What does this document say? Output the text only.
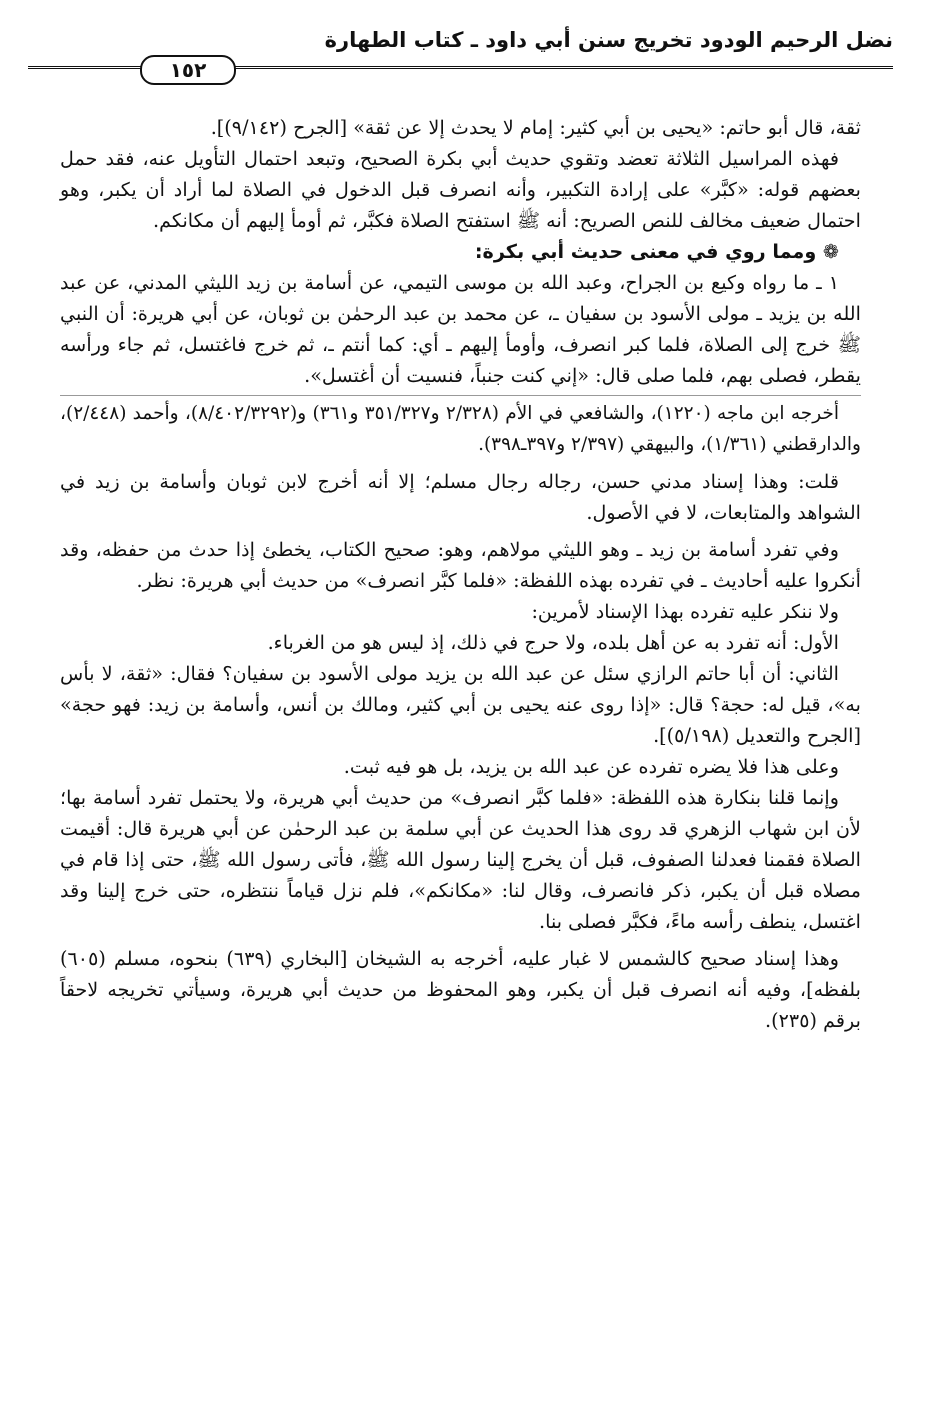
نضل الرحيم الودود تخريج سنن أبي داود ـ كتاب الطهارة
١٥٢

ثقة، قال أبو حاتم: «يحيى بن أبي كثير: إمام لا يحدث إلا عن ثقة» [الجرح (٩/١٤٢)].

فهذه المراسيل الثلاثة تعضد وتقوي حديث أبي بكرة الصحيح، وتبعد احتمال التأويل عنه، فقد حمل بعضهم قوله: «كبَّر» على إرادة التكبير، وأنه انصرف قبل الدخول في الصلاة لما أراد أن يكبر، وهو احتمال ضعيف مخالف للنص الصريح: أنه ﷺ استفتح الصلاة فكبَّر، ثم أومأ إليهم أن مكانكم.

❁ ومما روي في معنى حديث أبي بكرة:

١ ـ ما رواه وكيع بن الجراح، وعبد الله بن موسى التيمي، عن أسامة بن زيد الليثي المدني، عن عبد الله بن يزيد ـ مولى الأسود بن سفيان ـ، عن محمد بن عبد الرحمٰن بن ثوبان، عن أبي هريرة: أن النبي ﷺ خرج إلى الصلاة، فلما كبر انصرف، وأومأ إليهم ـ أي: كما أنتم ـ، ثم خرج فاغتسل، ثم جاء ورأسه يقطر، فصلى بهم، فلما صلى قال: «إني كنت جنباً، فنسيت أن أغتسل».

أخرجه ابن ماجه (١٢٢٠)، والشافعي في الأم (٢/٣٢٨ و٣٥١/٣٢٧ و٣٦١) و(٨/٤٠٢/٣٢٩٢)، وأحمد (٢/٤٤٨)، والدارقطني (١/٣٦١)، والبيهقي (٢/٣٩٧ و٣٩٧ـ٣٩٨).

قلت: وهذا إسناد مدني حسن، رجاله رجال مسلم؛ إلا أنه أخرج لابن ثوبان وأسامة بن زيد في الشواهد والمتابعات، لا في الأصول.

وفي تفرد أسامة بن زيد ـ وهو الليثي مولاهم، وهو: صحيح الكتاب، يخطئ إذا حدث من حفظه، وقد أنكروا عليه أحاديث ـ في تفرده بهذه اللفظة: «فلما كبَّر انصرف» من حديث أبي هريرة: نظر.

ولا ننكر عليه تفرده بهذا الإسناد لأمرين:

الأول: أنه تفرد به عن أهل بلده، ولا حرج في ذلك، إذ ليس هو من الغرباء.

الثاني: أن أبا حاتم الرازي سئل عن عبد الله بن يزيد مولى الأسود بن سفيان؟ فقال: «ثقة، لا بأس به»، قيل له: حجة؟ قال: «إذا روى عنه يحيى بن أبي كثير، ومالك بن أنس، وأسامة بن زيد: فهو حجة» [الجرح والتعديل (٥/١٩٨)].

وعلى هذا فلا يضره تفرده عن عبد الله بن يزيد، بل هو فيه ثبت.

وإنما قلنا بنكارة هذه اللفظة: «فلما كبَّر انصرف» من حديث أبي هريرة، ولا يحتمل تفرد أسامة بها؛ لأن ابن شهاب الزهري قد روى هذا الحديث عن أبي سلمة بن عبد الرحمٰن عن أبي هريرة قال: أقيمت الصلاة فقمنا فعدلنا الصفوف، قبل أن يخرج إلينا رسول الله ﷺ، فأتى رسول الله ﷺ، حتى إذا قام في مصلاه قبل أن يكبر، ذكر فانصرف، وقال لنا: «مكانكم»، فلم نزل قياماً ننتظره، حتى خرج إلينا وقد اغتسل، ينطف رأسه ماءً، فكبَّر فصلى بنا.

وهذا إسناد صحيح كالشمس لا غبار عليه، أخرجه به الشيخان [البخاري (٦٣٩) بنحوه، مسلم (٦٠٥) بلفظه]، وفيه أنه انصرف قبل أن يكبر، وهو المحفوظ من حديث أبي هريرة، وسيأتي تخريجه لاحقاً برقم (٢٣٥).
